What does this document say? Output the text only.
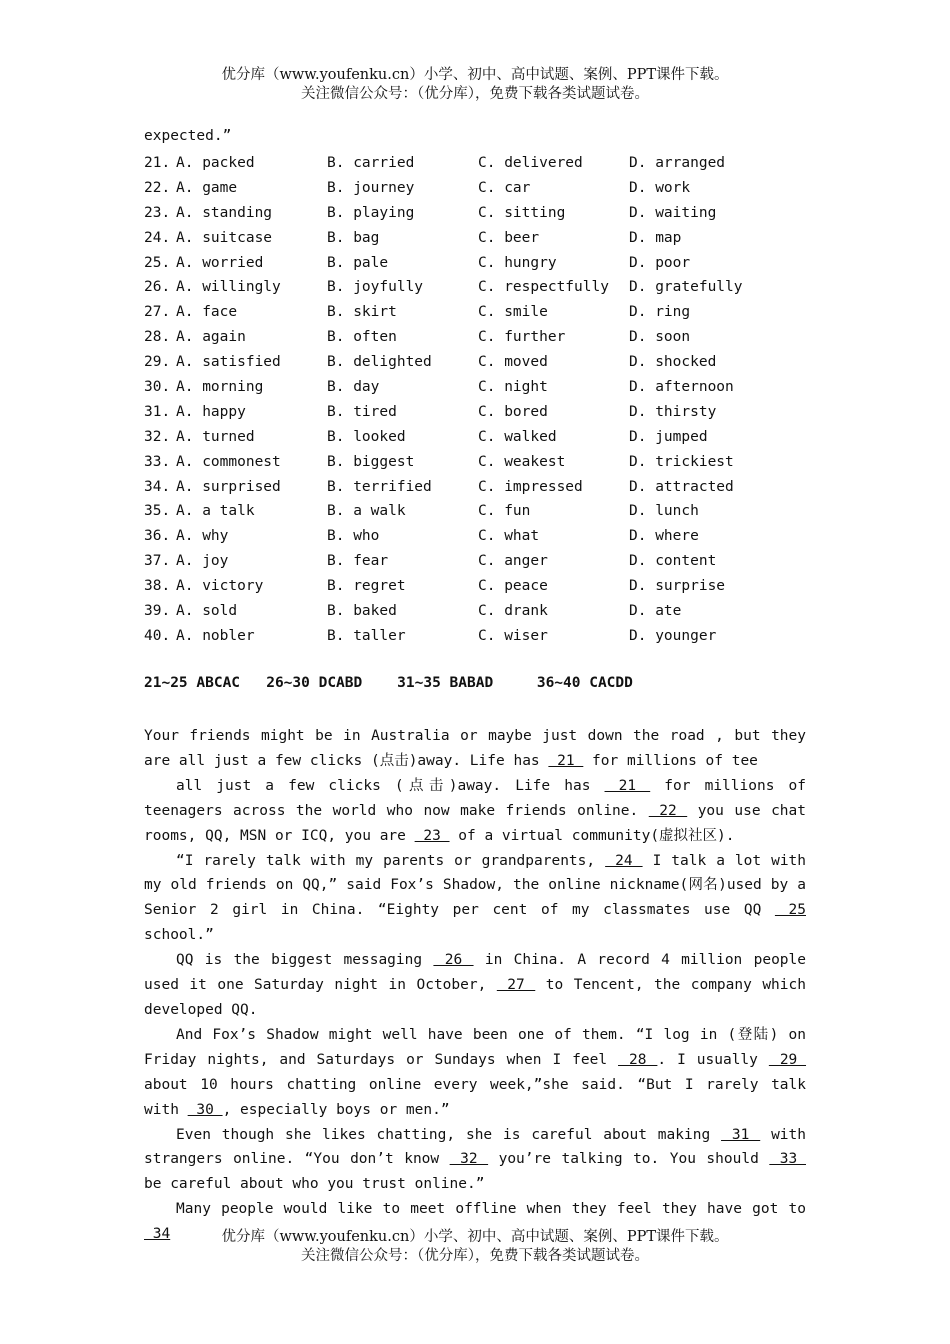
优分库（www.youfenku.cn）小学、初中、高中试题、案例、PPT课件下载。
关注微信公众号：（优分库），免费下载各类试题试卷。
expected.”
21. A. packed	B. carried	C. delivered	D. arranged
22. A. game	B. journey	C. car	D. work
23. A. standing	B. playing	C. sitting	D. waiting
24. A. suitcase	B. bag	C. beer	D. map
25. A. worried	B. pale	C. hungry	D. poor
26. A. willingly	B. joyfully	C. respectfully D. gratefully
27. A. face	B. skirt	C. smile	D. ring
28. A. again	B. often	C. further	D. soon
29. A. satisfied	B. delighted	C. moved	D. shocked
30. A. morning	B. day	C. night	D. afternoon
31. A. happy	B. tired	C. bored	D. thirsty
32. A. turned	B. looked	C. walked	D. jumped
33. A. commonest	B. biggest	C. weakest	D. trickiest
34. A. surprised	B. terrified	C. impressed	D. attracted
35. A. a talk	B. a walk	C. fun	D. lunch
36. A. why	B. who	C. what	D. where
37. A. joy	B. fear	C. anger	D. content
38. A. victory	B. regret	C. peace	D. surprise
39. A. sold	B. baked	C. drank	D. ate
40. A. nobler	B. taller	C. wiser	D. younger
21~25 ABCAC   26~30 DCABD    31~35 BABAD     36~40 CACDD

Your friends might be in Australia or maybe just down the road , but they are all just a few clicks (点击)away. Life has  21  for millions of tee

all just a few clicks (点击)away. Life has  21  for millions of teenagers across the world who now make friends online.  22  you use chat rooms, QQ, MSN or ICQ, you are  23  of a virtual community(虚拟社区).

“I rarely talk with my parents or grandparents,  24  I talk a lot with my old friends on QQ,” said Fox’s Shadow, the online nickname(网名)used by a Senior 2 girl in China. “Eighty per cent of my classmates use QQ  25 school.”

QQ is the biggest messaging  26  in China. A record 4 million people used it one Saturday night in October,  27  to Tencent, the company which developed QQ.

And Fox’s Shadow might well have been one of them. “I log in (登陆) on Friday nights, and Saturdays or Sundays when I feel  28 . I usually  29  about 10 hours chatting online every week,”she said. “But I rarely talk with  30 , especially boys or men.”

Even though she likes chatting, she is careful about making  31  with strangers online. “You don’t know  32  you’re talking to. You should  33  be careful about who you trust online.”

Many people would like to meet offline when they feel they have got to  34	优分库（www.youfenku.cn）小学、初中、高中试题、案例、PPT课件下载。
关注微信公众号：（优分库），免费下载各类试题试卷。
